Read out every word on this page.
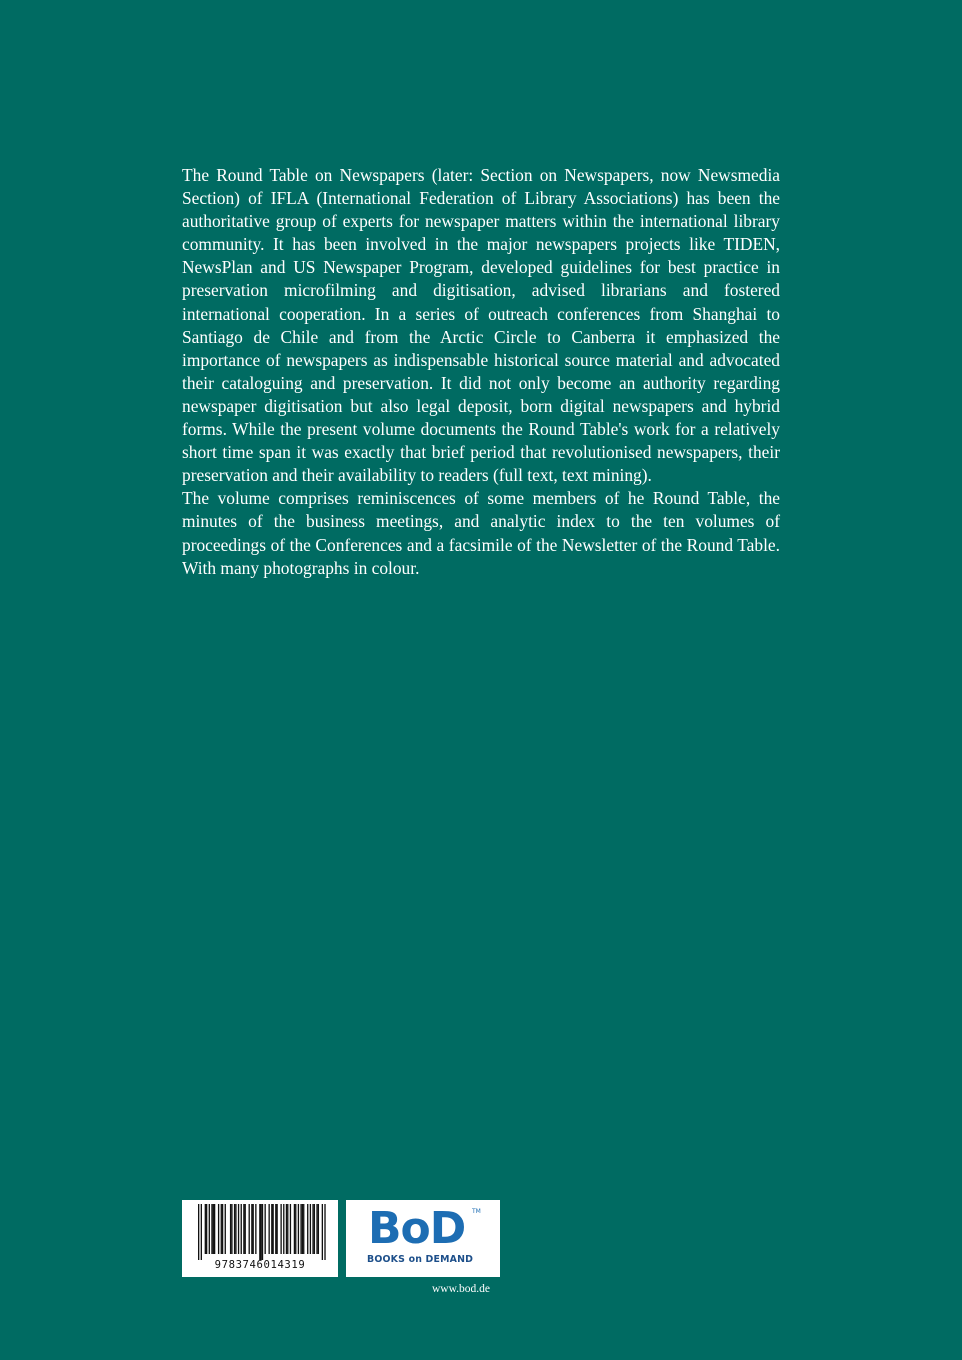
The Round Table on Newspapers (later: Section on Newspapers, now Newsmedia Section) of IFLA (International Federation of Library Associations) has been the authoritative group of experts for newspaper matters within the international library community. It has been involved in the major newspapers projects like TIDEN, NewsPlan and US Newspaper Program, developed guidelines for best practice in preservation microfilming and digitisation, advised librarians and fostered international cooperation. In a series of outreach conferences from Shanghai to Santiago de Chile and from the Arctic Circle to Canberra it emphasized the importance of newspapers as indispensable historical source material and advocated their cataloguing and preservation. It did not only become an authority regarding newspaper digitisation but also legal deposit, born digital newspapers and hybrid forms. While the present volume documents the Round Table's work for a relatively short time span it was exactly that brief period that revolutionised newspapers, their preservation and their availability to readers (full text, text mining).

The volume comprises reminiscences of some members of he Round Table, the minutes of the business meetings, and analytic index to the ten volumes of proceedings of the Conferences and a facsimile of the Newsletter of the Round Table. With many photographs in colour.

9783746014319
BoD TM
BOOKS on DEMAND
www.bod.de
